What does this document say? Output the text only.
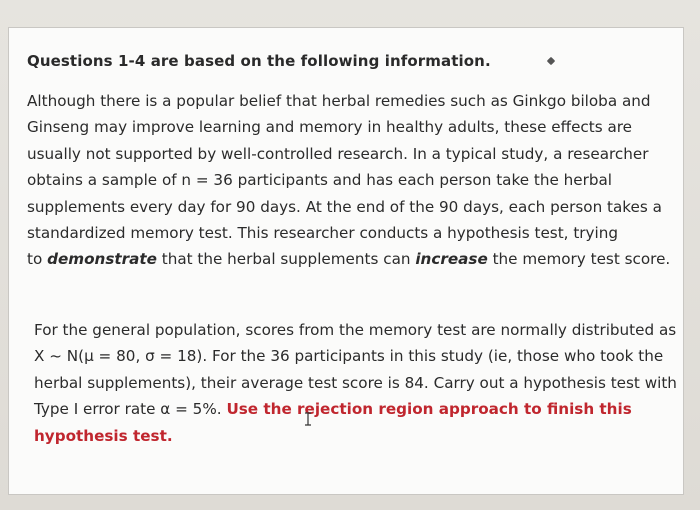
Questions 1-4 are based on the following information.
Although there is a popular belief that herbal remedies such as Ginkgo biloba and
Ginseng may improve learning and memory in healthy adults, these effects are
usually not supported by well-controlled research. In a typical study, a researcher
obtains a sample of n = 36 participants and has each person take the herbal
supplements every day for 90 days. At the end of the 90 days, each person takes a
standardized memory test. This researcher conducts a hypothesis test, trying
to demonstrate that the herbal supplements can increase the memory test score.
For the general population, scores from the memory test are normally distributed as
X ~ N(μ = 80, σ = 18). For the 36 participants in this study (ie, those who took the
herbal supplements), their average test score is 84. Carry out a hypothesis test with
Type I error rate α = 5%. Use the rejection region approach to finish this
hypothesis test.
